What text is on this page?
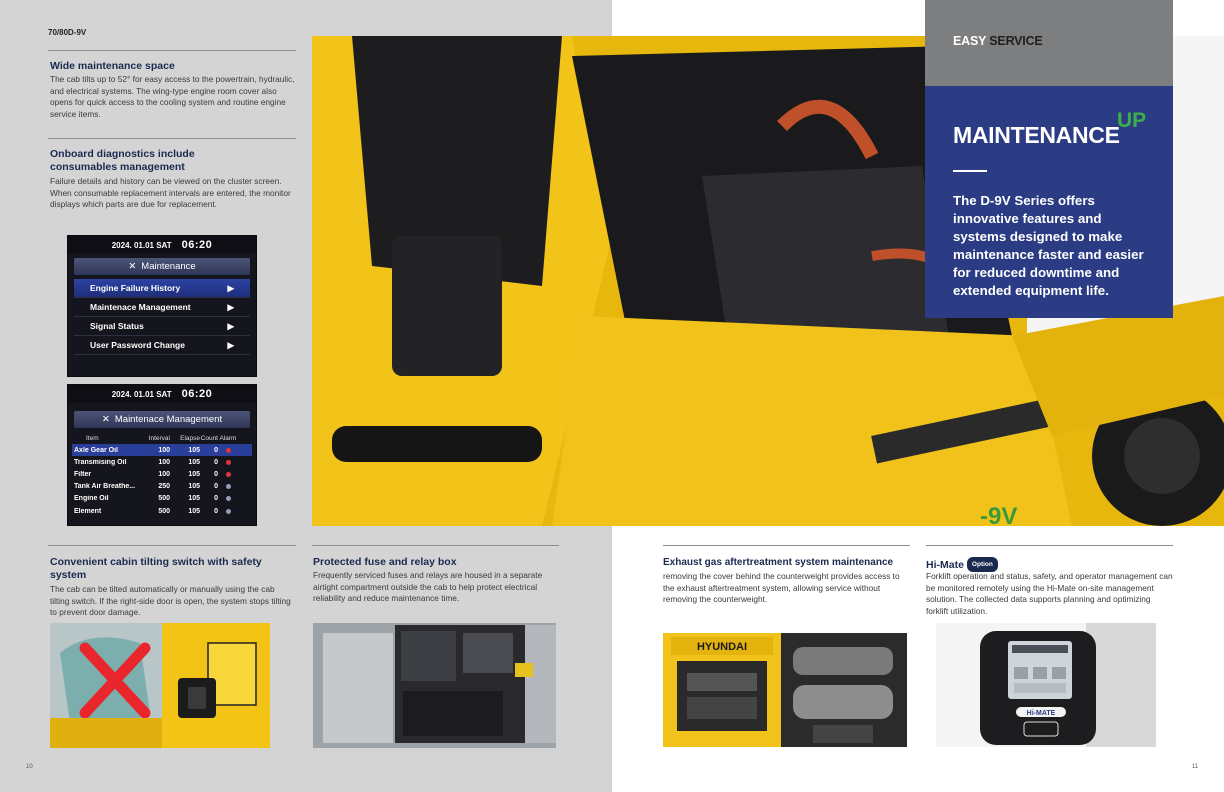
70/80D-9V
Wide maintenance space
The cab tilts up to 52° for easy access to the powertrain, hydraulic, and electrical systems. The wing-type engine room cover also opens for quick access to the cooling system and routine engine service items.
Onboard diagnostics include consumables management
Failure details and history can be viewed on the cluster screen. When consumable replacement intervals are entered, the monitor displays which parts are due for replacement.
2024. 01.01 SAT 06:20
✕ Maintenance
Engine Failure History	▶
Maintenace Management	▶
Signal Status	▶
User Password Change	▶
2024. 01.01 SAT 06:20
✕ Maintenace Management
Item	Interval	Elapse Count Alarm
Axle Gear Oil	100	105	0
Transmising Oil	100	105	0
Filter	100	105	0
Tank Air Breathe...	250	105	0
Engine Oil	500	105	0
Element	500	105	0
Convenient cabin tilting switch with safety system
The cab can be tilted automatically or manually using the cab tilting switch. If the right-side door is open, the system stops tilting to prevent door damage.
Protected fuse and relay box
Frequently serviced fuses and relays are housed in a separate airtight compartment outside the cab to help protect electrical reliability and reduce maintenance time.
10
-9V
EASY SERVICE
MAINTENANCE
UP
The D-9V Series offers innovative features and systems designed to make maintenance faster and easier for reduced downtime and extended equipment life.
Exhaust gas aftertreatment system maintenance
removing the cover behind the counterweight provides access to the exhaust aftertreatment system, allowing service without removing the counterweight.
Hi-Mate Option
Forklift operation and status, safety, and operator management can be monitored remotely using the Hi-Mate on-site management solution. The collected data supports planning and optimizing forklift utilization.
HYUNDAI
Hi-MATE
11
